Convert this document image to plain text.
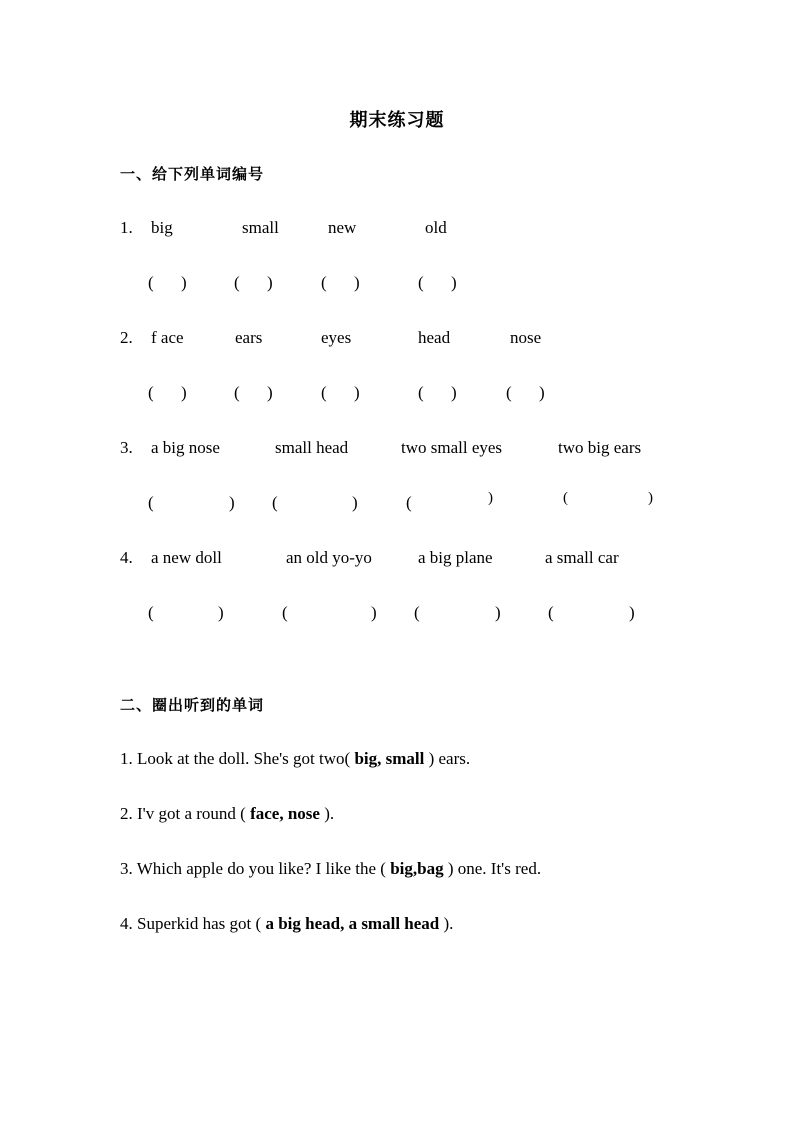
期末练习题
一、给下列单词编号
1. big	small	new	old
( )	( )	( )	( )
2. f ace	ears	eyes	head	nose
( )	( )	( )	( )	( )
3. a big nose	small head	two small eyes	two big ears
(	) (	)	(	)	(	)
4. a new doll	an old yo-yo	a big plane	a small car
(	)	(	) (	)	(	)
二、圈出听到的单词
1. Look at the doll. She's got two( big, small ) ears.
2. I'v got a round ( face, nose ).
3. Which apple do you like? I like the ( big,bag ) one. It's red.
4. Superkid has got ( a big head, a small head ).
